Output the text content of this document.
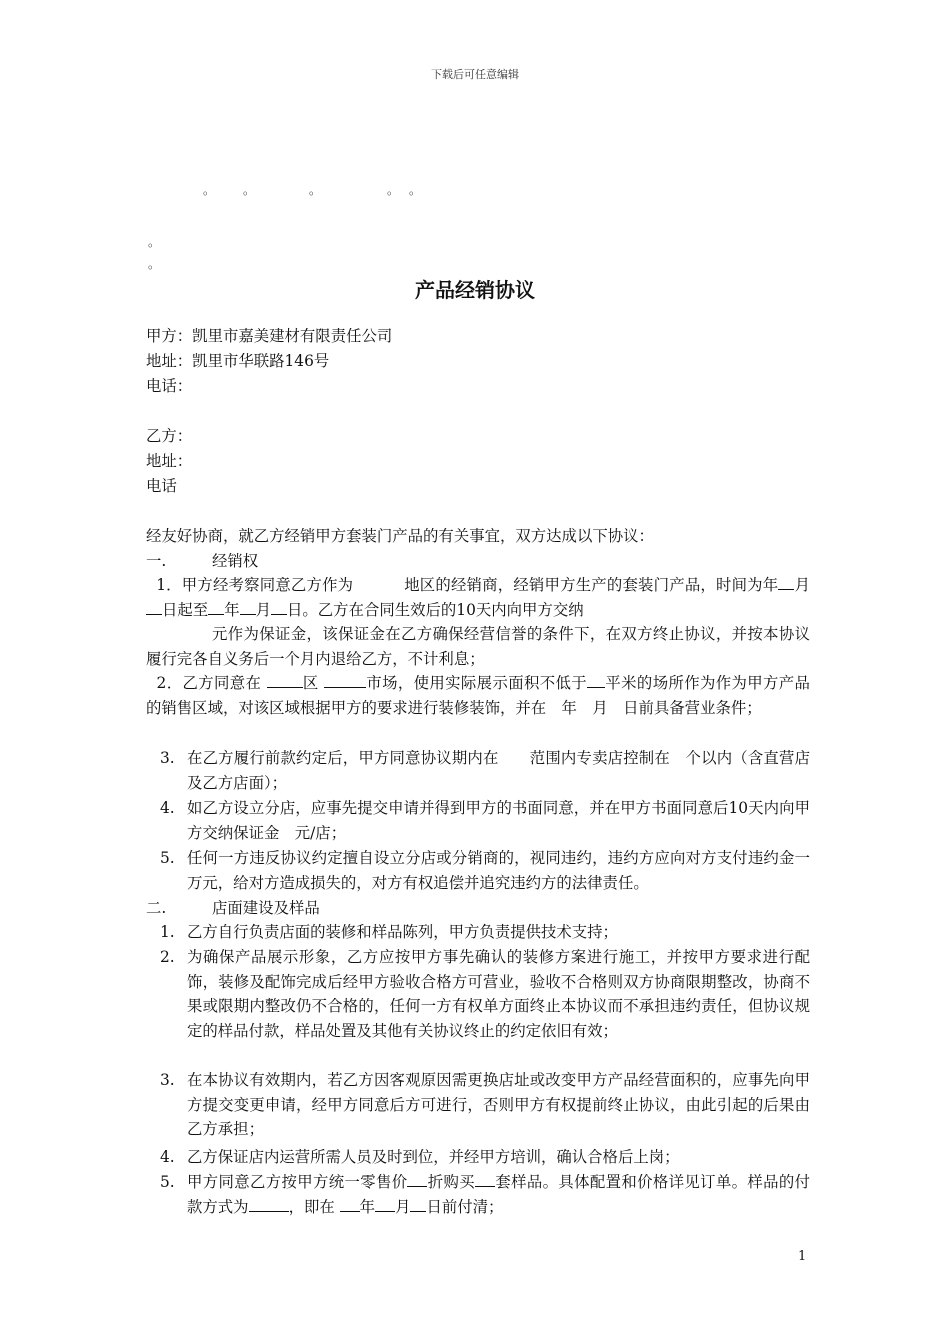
下载后可任意编辑
。 。	。	。 。
。
。
产品经销协议
甲方：凯里市嘉美建材有限责任公司
地址：凯里市华联路146号
电话：
乙方：
地址：
电话
经友好协商，就乙方经销甲方套装门产品的有关事宜，双方达成以下协议：
一.	经销权
1．甲方经考察同意乙方作为	地区的经销商，经销甲方生产的套装门产品，时间为年 月日起至 年 月 日。乙方在合同生效后的10天内向甲方交纳
元作为保证金，该保证金在乙方确保经营信誉的条件下，在双方终止协议，并按本协议履行完各自义务后一个月内退给乙方，不计利息；
2．乙方同意在	区	市场，使用实际展示面积不低于 平米的场所作为作为甲方产品的销售区域，对该区域根据甲方的要求进行装修装饰，并在　年　月　日前具备营业条件；
3. 在乙方履行前款约定后，甲方同意协议期内在　　范围内专卖店控制在　个以内（含直营店及乙方店面）；
4. 如乙方设立分店，应事先提交申请并得到甲方的书面同意，并在甲方书面同意后10天内向甲方交纳保证金　元/店；
5. 任何一方违反协议约定擅自设立分店或分销商的，视同违约，违约方应向对方支付违约金一万元，给对方造成损失的，对方有权追偿并追究违约方的法律责任。
二.	店面建设及样品
1. 乙方自行负责店面的装修和样品陈列，甲方负责提供技术支持；
2. 为确保产品展示形象，乙方应按甲方事先确认的装修方案进行施工，并按甲方要求进行配饰，装修及配饰完成后经甲方验收合格方可营业，验收不合格则双方协商限期整改，协商不果或限期内整改仍不合格的，任何一方有权单方面终止本协议而不承担违约责任，但协议规定的样品付款，样品处置及其他有关协议终止的约定依旧有效；
3. 在本协议有效期内，若乙方因客观原因需更换店址或改变甲方产品经营面积的，应事先向甲方提交变更申请，经甲方同意后方可进行，否则甲方有权提前终止协议，由此引起的后果由乙方承担；
4. 乙方保证店内运营所需人员及时到位，并经甲方培训，确认合格后上岗；
5. 甲方同意乙方按甲方统一零售价 折购买 套样品。具体配置和价格详见订单。样品的付款方式为	，即在 年 月 日前付清；
1
